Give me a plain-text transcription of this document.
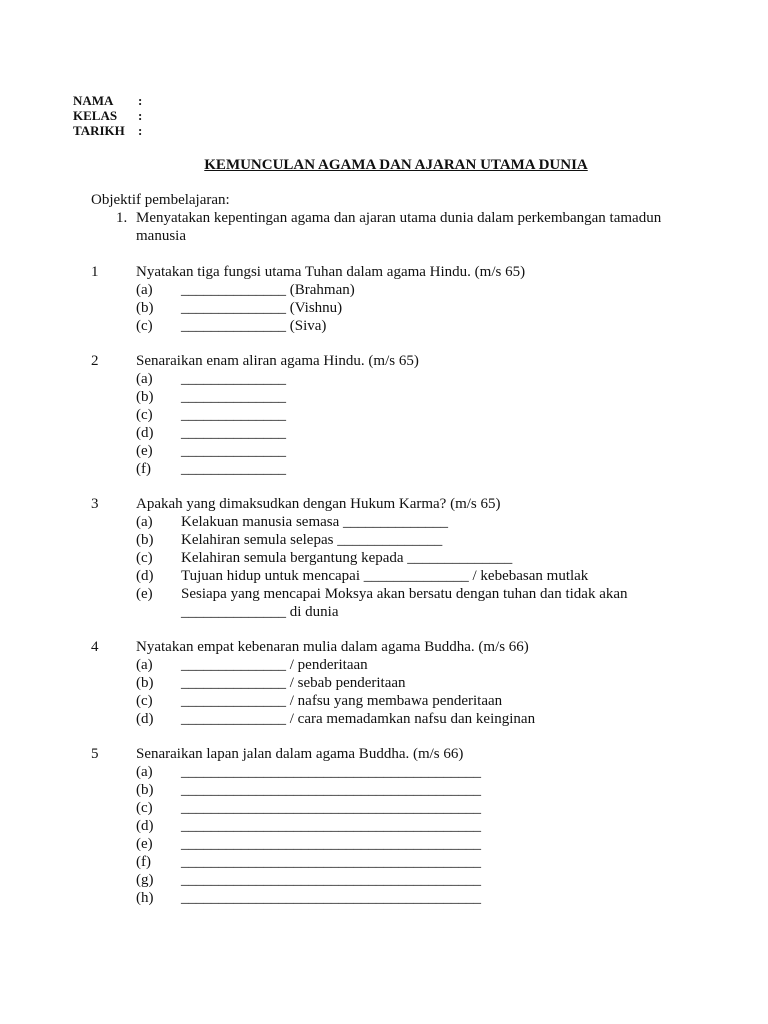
NAMA :
KELAS :
TARIKH :
KEMUNCULAN AGAMA DAN AJARAN UTAMA DUNIA
Objektif pembelajaran:
1. Menyatakan kepentingan agama dan ajaran utama dunia dalam perkembangan tamadun
manusia
1	Nyatakan tiga fungsi utama Tuhan dalam agama Hindu. (m/s 65)
(a) ______________ (Brahman)
(b) ______________ (Vishnu)
(c) ______________ (Siva)
2	Senaraikan enam aliran agama Hindu. (m/s 65)
(a) ______________
(b) ______________
(c) ______________
(d) ______________
(e) ______________
(f) ______________
3	Apakah yang dimaksudkan dengan Hukum Karma? (m/s 65)
(a) Kelakuan manusia semasa ______________
(b) Kelahiran semula selepas ______________
(c) Kelahiran semula bergantung kepada ______________
(d) Tujuan hidup untuk mencapai ______________ / kebebasan mutlak
(e) Sesiapa yang mencapai Moksya akan bersatu dengan tuhan dan tidak akan
______________ di dunia
4	Nyatakan empat kebenaran mulia dalam agama Buddha. (m/s 66)
(a) ______________ / penderitaan
(b) ______________ / sebab penderitaan
(c) ______________ / nafsu yang membawa penderitaan
(d) ______________ / cara memadamkan nafsu dan keinginan
5	Senaraikan lapan jalan dalam agama Buddha. (m/s 66)
(a) ________________________________________
(b) ________________________________________
(c) ________________________________________
(d) ________________________________________
(e) ________________________________________
(f) ________________________________________
(g) ________________________________________
(h) ________________________________________
